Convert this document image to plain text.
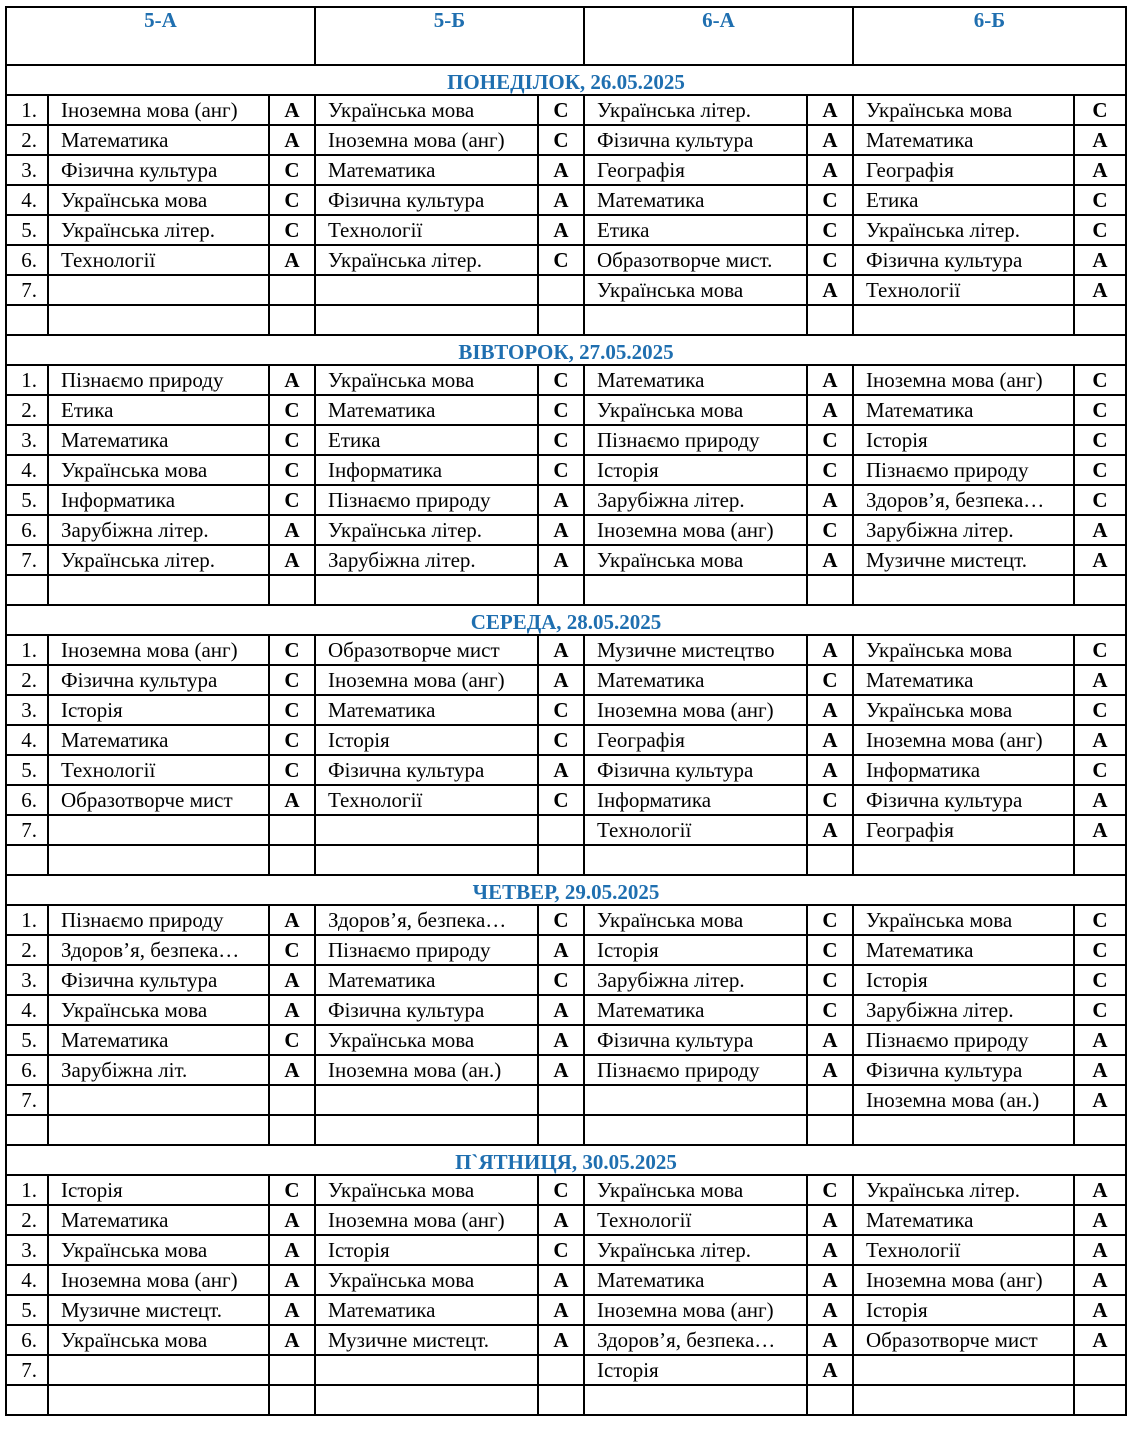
5-А			5-Б		6-А		6-Б	
ПОНЕДІЛОК, 26.05.2025								
1.	Іноземна мова (анг)	А	Українська мова	С	Українська літер.	А	Українська мова	С
2.	Математика	А	Іноземна мова (анг)	С	Фізична культура	А	Математика	А
3.	Фізична культура	С	Математика	А	Географія	А	Географія	А
4.	Українська мова	С	Фізична культура	А	Математика	С	Етика	С
5.	Українська літер.	С	Технології	А	Етика	С	Українська літер.	С
6.	Технології	А	Українська літер.	С	Образотворче мист.	С	Фізична культура	А
7.					Українська мова	А	Технології	А

ВІВТОРОК, 27.05.2025								
1.	Пізнаємо природу	А	Українська мова	С	Математика	А	Іноземна мова (анг)	С
2.	Етика	С	Математика	С	Українська мова	А	Математика	С
3.	Математика	С	Етика	С	Пізнаємо природу	С	Історія	С
4.	Українська мова	С	Інформатика	С	Історія	С	Пізнаємо природу	С
5.	Інформатика	С	Пізнаємо природу	А	Зарубіжна літер.	А	Здоров’я, безпека…	С
6.	Зарубіжна літер.	А	Українська літер.	А	Іноземна мова (анг)	С	Зарубіжна літер.	А
7.	Українська літер.	А	Зарубіжна літер.	А	Українська мова	А	Музичне мистецт.	А

СЕРЕДА, 28.05.2025								
1.	Іноземна мова (анг)	С	Образотворче мист	А	Музичне мистецтво	А	Українська мова	С
2.	Фізична культура	С	Іноземна мова (анг)	А	Математика	С	Математика	А
3.	Історія	С	Математика	С	Іноземна мова (анг)	А	Українська мова	С
4.	Математика	С	Історія	С	Географія	А	Іноземна мова (анг)	А
5.	Технології	С	Фізична культура	А	Фізична культура	А	Інформатика	С
6.	Образотворче мист	А	Технології	С	Інформатика	С	Фізична культура	А
7.					Технології	А	Географія	А

ЧЕТВЕР, 29.05.2025								
1.	Пізнаємо природу	А	Здоров’я, безпека…	С	Українська мова	С	Українська мова	С
2.	Здоров’я, безпека…	С	Пізнаємо природу	А	Історія	С	Математика	С
3.	Фізична культура	А	Математика	С	Зарубіжна літер.	С	Історія	С
4.	Українська мова	А	Фізична культура	А	Математика	С	Зарубіжна літер.	С
5.	Математика	С	Українська мова	А	Фізична культура	А	Пізнаємо природу	А
6.	Зарубіжна літ.	А	Іноземна мова (ан.)	А	Пізнаємо природу	А	Фізична культура	А
7.							Іноземна мова (ан.)	А

П`ЯТНИЦЯ, 30.05.2025								
1.	Історія	С	Українська мова	С	Українська мова	С	Українська літер.	А
2.	Математика	А	Іноземна мова (анг)	А	Технології	А	Математика	А
3.	Українська мова	А	Історія	С	Українська літер.	А	Технології	А
4.	Іноземна мова (анг)	А	Українська мова	А	Математика	А	Іноземна мова (анг)	А
5.	Музичне мистецт.	А	Математика	А	Іноземна мова (анг)	А	Історія	А
6.	Українська мова	А	Музичне мистецт.	А	Здоров’я, безпека…	А	Образотворче мист	А
7.					Історія	А		
